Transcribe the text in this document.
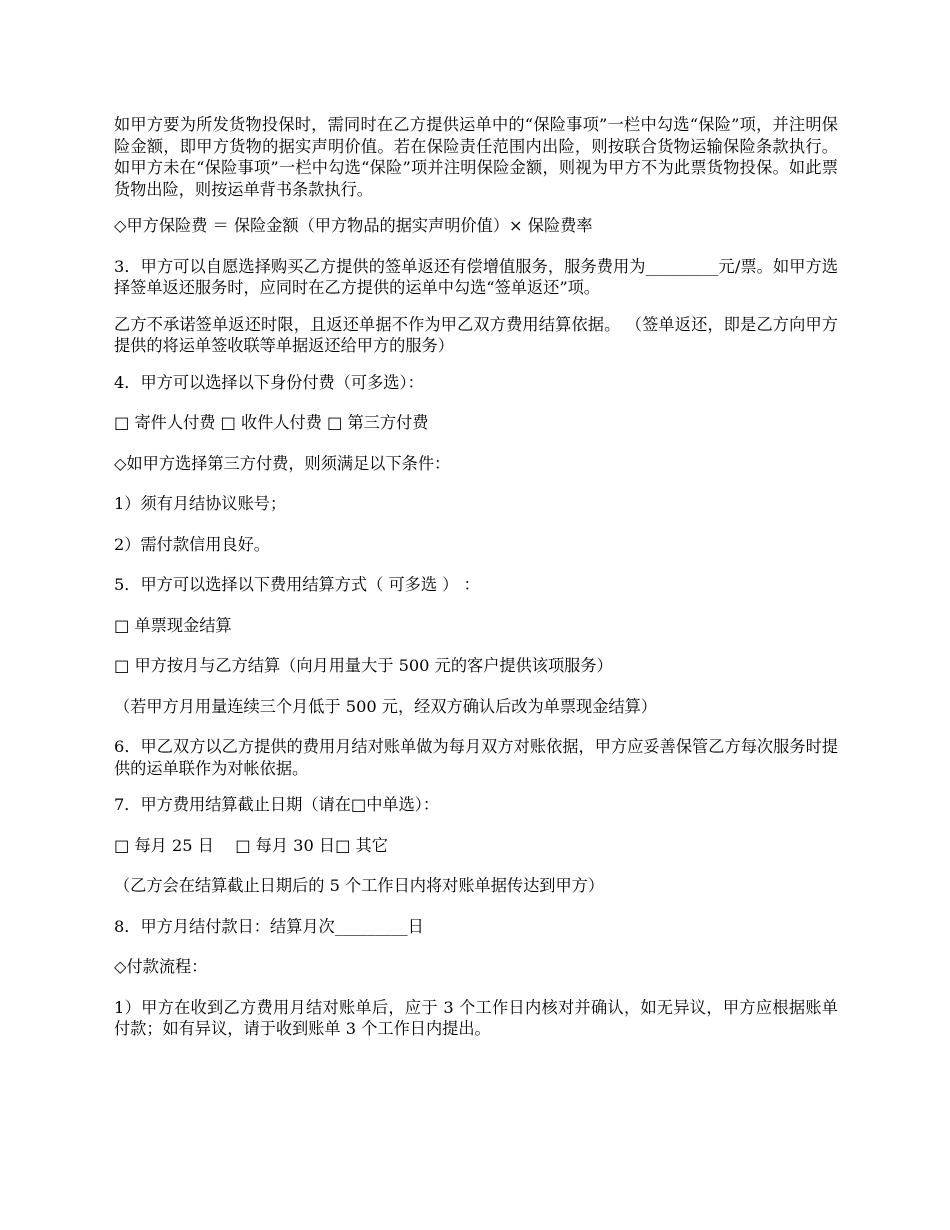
如甲方要为所发货物投保时，需同时在乙方提供运单中的“保险事项”一栏中勾选“保险”项，并注明保险金额，即甲方货物的据实声明价值。若在保险责任范围内出险，则按联合货物运输保险条款执行。如甲方未在“保险事项”一栏中勾选“保险”项并注明保险金额，则视为甲方不为此票货物投保。如此票货物出险，则按运单背书条款执行。

◇甲方保险费 ＝ 保险金额（甲方物品的据实声明价值）× 保险费率

3．甲方可以自愿选择购买乙方提供的签单返还有偿增值服务，服务费用为_________元/票。如甲方选择签单返还服务时，应同时在乙方提供的运单中勾选“签单返还”项。

乙方不承诺签单返还时限，且返还单据不作为甲乙双方费用结算依据。 （签单返还，即是乙方向甲方提供的将运单签收联等单据返还给甲方的服务）

4．甲方可以选择以下身份付费（可多选）：

□ 寄件人付费 □ 收件人付费 □ 第三方付费

◇如甲方选择第三方付费，则须满足以下条件：

1）须有月结协议账号；

2）需付款信用良好。

5．甲方可以选择以下费用结算方式（ 可多选 ） ：

□ 单票现金结算

□ 甲方按月与乙方结算（向月用量大于 500 元的客户提供该项服务）

（若甲方月用量连续三个月低于 500 元，经双方确认后改为单票现金结算）

6．甲乙双方以乙方提供的费用月结对账单做为每月双方对账依据，甲方应妥善保管乙方每次服务时提供的运单联作为对帐依据。

7．甲方费用结算截止日期（请在□中单选）：

□ 每月 25 日 　□ 每月 30 日□ 其它

（乙方会在结算截止日期后的 5 个工作日内将对账单据传达到甲方）

8．甲方月结付款日：结算月次_________日

◇付款流程：

1）甲方在收到乙方费用月结对账单后，应于 3 个工作日内核对并确认，如无异议，甲方应根据账单付款；如有异议，请于收到账单 3 个工作日内提出。
